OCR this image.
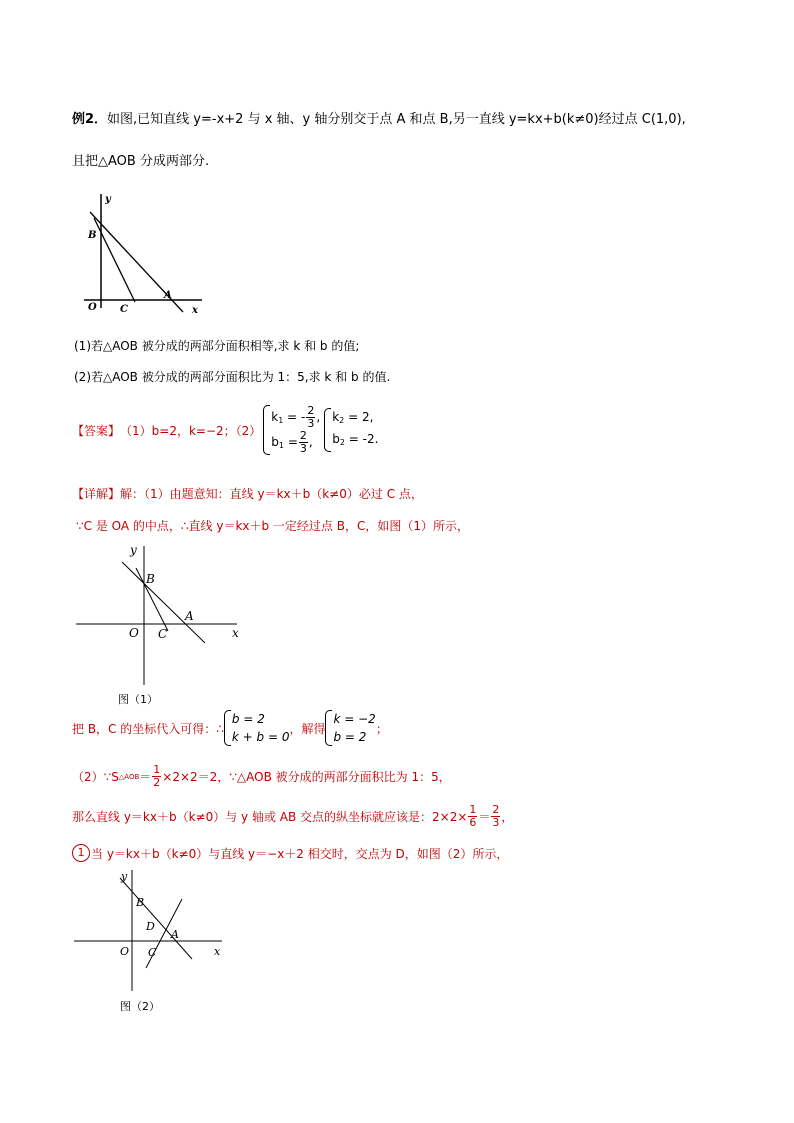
例2．如图,已知直线 y=-x+2 与 x 轴、y 轴分别交于点 A 和点 B,另一直线 y=kx+b(k≠0)经过点 C(1,0),
且把△AOB 分成两部分.
y
x
O
B
C
A
(1)若△AOB 被分成的两部分面积相等,求 k 和 b 的值;
(2)若△AOB 被分成的两部分面积比为 1：5,求 k 和 b 的值.
【答案】 （1）b=2，k=−2；（2）
$k_1$ = - $\frac{2}{3}$ ,
$b_1 = \frac{2}{3}$ ,
$k_2 = 2$,
$b_2 = -2$.
【详解】解：（1）由题意知：直线 y＝kx＋b（k≠0）必过 C 点，
∵C 是 OA 的中点，∴直线 y＝kx＋b 一定经过点 B，C，如图（1）所示，
y
x
O
B
C
A
图（1）
把 B，C 的坐标代入可得：∴
b = 2
k + b = 0
，解得
k = −2
b = 2
；
（2）∵S △AOB ＝ $\frac{1}{2} \times 2\times 2=2$，∵△AOB 被分成的两部分面积比为 1：5，
那么直线 y＝kx＋b（k≠0）与 y 轴或 AB 交点的纵坐标就应该是：$2\times 2\times \frac{1}{6} = \frac{2}{3}$ ，
1 当 y＝kx＋b（k≠0）与直线 y＝−x＋2 相交时，交点为 D，如图（2）所示，
y
x
O
B
D
A
C
图（2）
